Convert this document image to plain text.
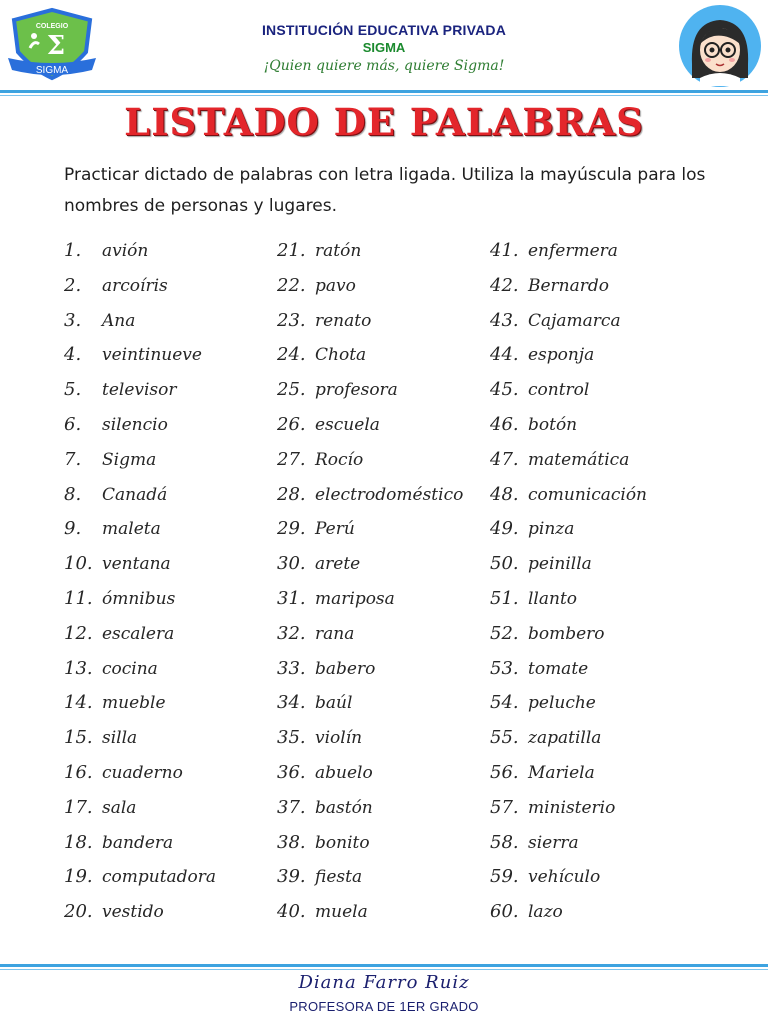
COLEGIO
Σ
SIGMA
INSTITUCIÓN EDUCATIVA PRIVADA
SIGMA
¡Quien quiere más, quiere Sigma!
LISTADO DE PALABRAS
Practicar dictado de palabras con letra ligada. Utiliza la mayúscula para los nombres de personas y lugares.
1.	avión
2.	arcoíris
3.	Ana
4.	veintinueve
5.	televisor
6.	silencio
7.	Sigma
8.	Canadá
9.	maleta
10. ventana
11. ómnibus
12. escalera
13. cocina
14. mueble
15. silla
16. cuaderno
17. sala
18. bandera
19. computadora
20. vestido
21. ratón
22. pavo
23. renato
24. Chota
25. profesora
26. escuela
27. Rocío
28. electrodoméstico
29. Perú
30. arete
31. mariposa
32. rana
33. babero
34. baúl
35. violín
36. abuelo
37. bastón
38. bonito
39. fiesta
40. muela
41. enfermera
42. Bernardo
43. Cajamarca
44. esponja
45. control
46. botón
47. matemática
48. comunicación
49. pinza
50. peinilla
51. llanto
52. bombero
53. tomate
54. peluche
55. zapatilla
56. Mariela
57. ministerio
58. sierra
59. vehículo
60. lazo
Diana Farro Ruiz
PROFESORA DE 1ER GRADO
